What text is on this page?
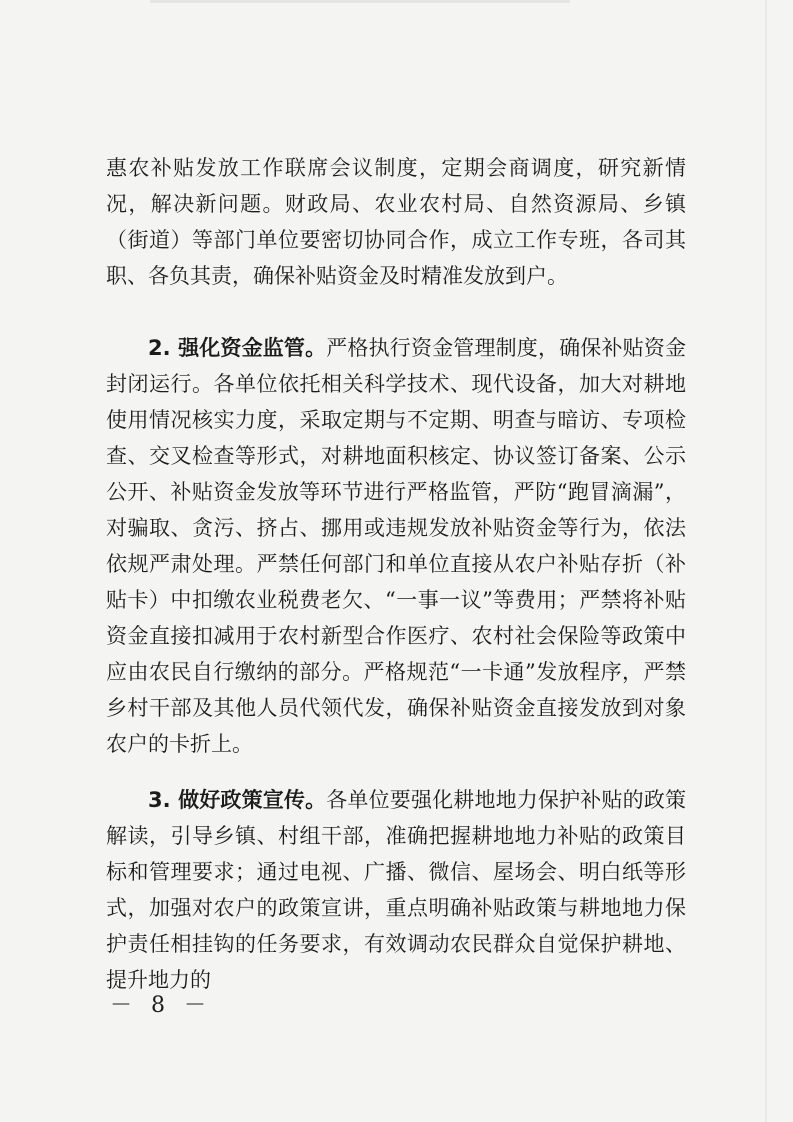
惠农补贴发放工作联席会议制度，定期会商调度，研究新情况，解决新问题。财政局、农业农村局、自然资源局、乡镇（街道）等部门单位要密切协同合作，成立工作专班，各司其职、各负其责，确保补贴资金及时精准发放到户。

2. 强化资金监管。严格执行资金管理制度，确保补贴资金封闭运行。各单位依托相关科学技术、现代设备，加大对耕地使用情况核实力度，采取定期与不定期、明查与暗访、专项检查、交叉检查等形式，对耕地面积核定、协议签订备案、公示公开、补贴资金发放等环节进行严格监管，严防“跑冒滴漏”，对骗取、贪污、挤占、挪用或违规发放补贴资金等行为，依法依规严肃处理。严禁任何部门和单位直接从农户补贴存折（补贴卡）中扣缴农业税费老欠、“一事一议”等费用；严禁将补贴资金直接扣减用于农村新型合作医疗、农村社会保险等政策中应由农民自行缴纳的部分。严格规范“一卡通”发放程序，严禁乡村干部及其他人员代领代发，确保补贴资金直接发放到对象农户的卡折上。

3. 做好政策宣传。各单位要强化耕地地力保护补贴的政策解读，引导乡镇、村组干部，准确把握耕地地力补贴的政策目标和管理要求；通过电视、广播、微信、屋场会、明白纸等形式，加强对农户的政策宣讲，重点明确补贴政策与耕地地力保护责任相挂钩的任务要求，有效调动农民群众自觉保护耕地、提升地力的

－ 8 －
